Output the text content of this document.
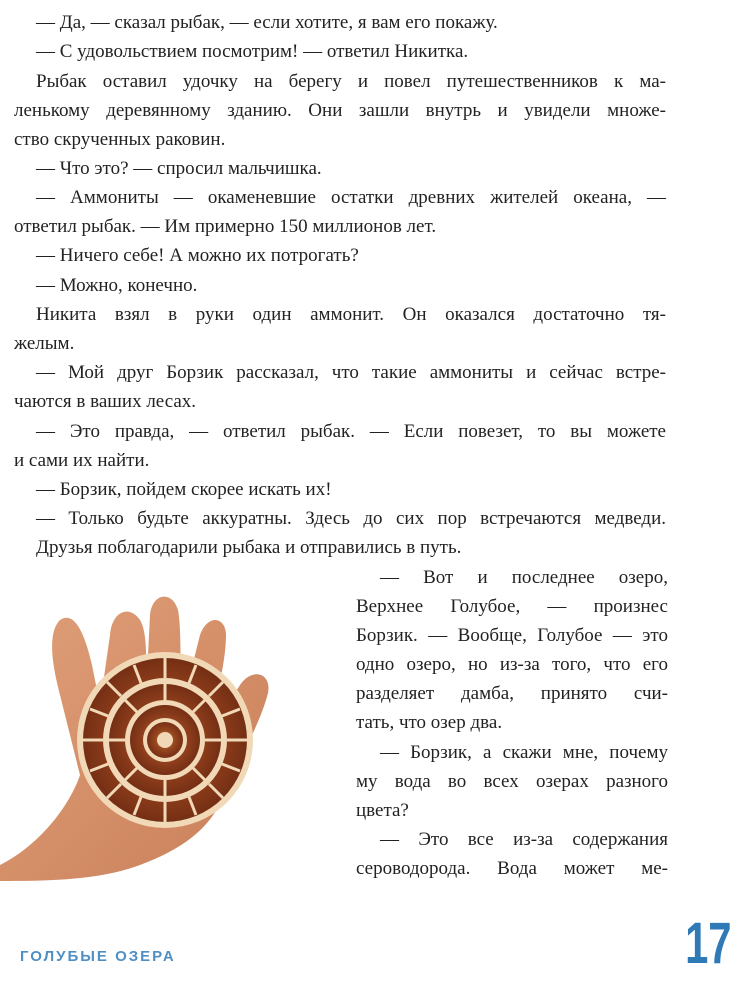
— Да, — сказал рыбак, — если хотите, я вам его покажу.
— С удовольствием посмотрим! — ответил Никитка.
Рыбак оставил удочку на берегу и повел путешественников к ма-
ленькому деревянному зданию. Они зашли внутрь и увидели множе-
ство скрученных раковин.
— Что это? — спросил мальчишка.
— Аммониты — окаменевшие остатки древних жителей океана, —
ответил рыбак. — Им примерно 150 миллионов лет.
— Ничего себе! А можно их потрогать?
— Можно, конечно.
Никита взял в руки один аммонит. Он оказался достаточно тя-
желым.
— Мой друг Борзик рассказал, что такие аммониты и сейчас встре-
чаются в ваших лесах.
— Это правда, — ответил рыбак. — Если повезет, то вы можете
и сами их найти.
— Борзик, пойдем скорее искать их!
— Только будьте аккуратны. Здесь до сих пор встречаются медведи.
Друзья поблагодарили рыбака и отправились в путь.
— Вот и последнее озеро,
Верхнее Голубое, — произнес
Борзик. — Вообще, Голубое — это
одно озеро, но из-за того, что его
разделяет дамба, принято счи-
тать, что озер два.
— Борзик, а скажи мне, почему
му вода во всех озерах разного
цвета?
— Это все из-за содержания
сероводорода. Вода может ме-
ГОЛУБЫЕ ОЗЕРА	17
